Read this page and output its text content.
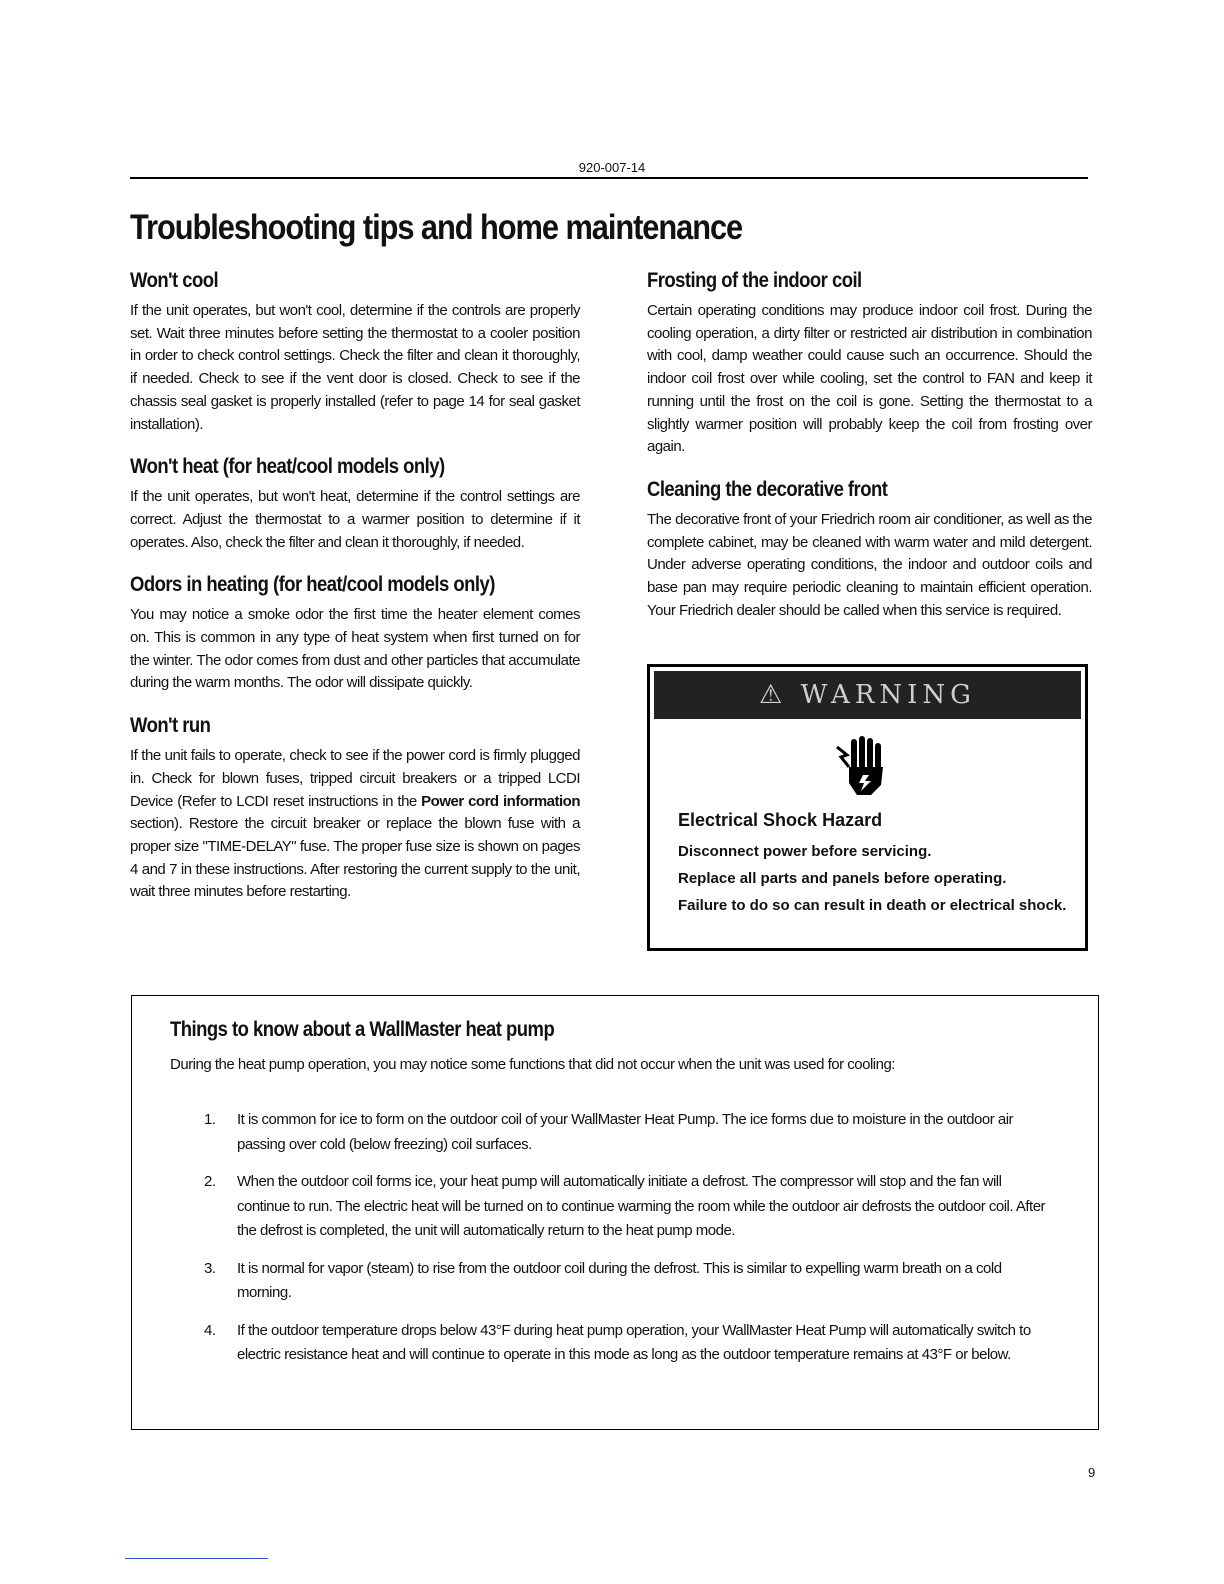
920-007-14
Troubleshooting tips and home maintenance
Won't cool

If the unit operates, but won't cool, determine if the controls are properly set. Wait three minutes before setting the thermostat to a cooler position in order to check control settings. Check the filter and clean it thoroughly, if needed. Check to see if the vent door is closed. Check to see if the chassis seal gasket is properly installed (refer to page 14 for seal gasket installation).

Won't heat (for heat/cool models only)

If the unit operates, but won't heat, determine if the control settings are correct. Adjust the thermostat to a warmer position to determine if it operates. Also, check the filter and clean it thoroughly, if needed.

Odors in heating (for heat/cool models only)

You may notice a smoke odor the first time the heater element comes on. This is common in any type of heat system when first turned on for the winter. The odor comes from dust and other particles that accumulate during the warm months. The odor will dissipate quickly.

Won't run

If the unit fails to operate, check to see if the power cord is firmly plugged in. Check for blown fuses, tripped circuit breakers or a tripped LCDI Device (Refer to LCDI reset instructions in the Power cord information section). Restore the circuit breaker or replace the blown fuse with a proper size "TIME-DELAY" fuse. The proper fuse size is shown on pages 4 and 7 in these instructions. After restoring the current supply to the unit, wait three minutes before restarting.

Frosting of the indoor coil

Certain operating conditions may produce indoor coil frost. During the cooling operation, a dirty filter or restricted air distribution in combination with cool, damp weather could cause such an occurrence. Should the indoor coil frost over while cooling, set the control to FAN and keep it running until the frost on the coil is gone. Setting the thermostat to a slightly warmer position will probably keep the coil from frosting over again.

Cleaning the decorative front

The decorative front of your Friedrich room air conditioner, as well as the complete cabinet, may be cleaned with warm water and mild detergent. Under adverse operating conditions, the indoor and outdoor coils and base pan may require periodic cleaning to maintain efficient operation. Your Friedrich dealer should be called when this service is required.

⚠ WARNING
Electrical Shock Hazard
Disconnect power before servicing.
Replace all parts and panels before operating.
Failure to do so can result in death or electrical shock.
Things to know about a WallMaster heat pump

During the heat pump operation, you may notice some functions that did not occur when the unit was used for cooling:

1. It is common for ice to form on the outdoor coil of your WallMaster Heat Pump. The ice forms due to moisture in the outdoor air passing over cold (below freezing) coil surfaces.
2. When the outdoor coil forms ice, your heat pump will automatically initiate a defrost. The compressor will stop and the fan will continue to run. The electric heat will be turned on to continue warming the room while the outdoor air defrosts the outdoor coil. After the defrost is completed, the unit will automatically return to the heat pump mode.
3. It is normal for vapor (steam) to rise from the outdoor coil during the defrost. This is similar to expelling warm breath on a cold morning.
4. If the outdoor temperature drops below 43°F during heat pump operation, your WallMaster Heat Pump will automatically switch to electric resistance heat and will continue to operate in this mode as long as the outdoor temperature remains at 43°F or below.
9
